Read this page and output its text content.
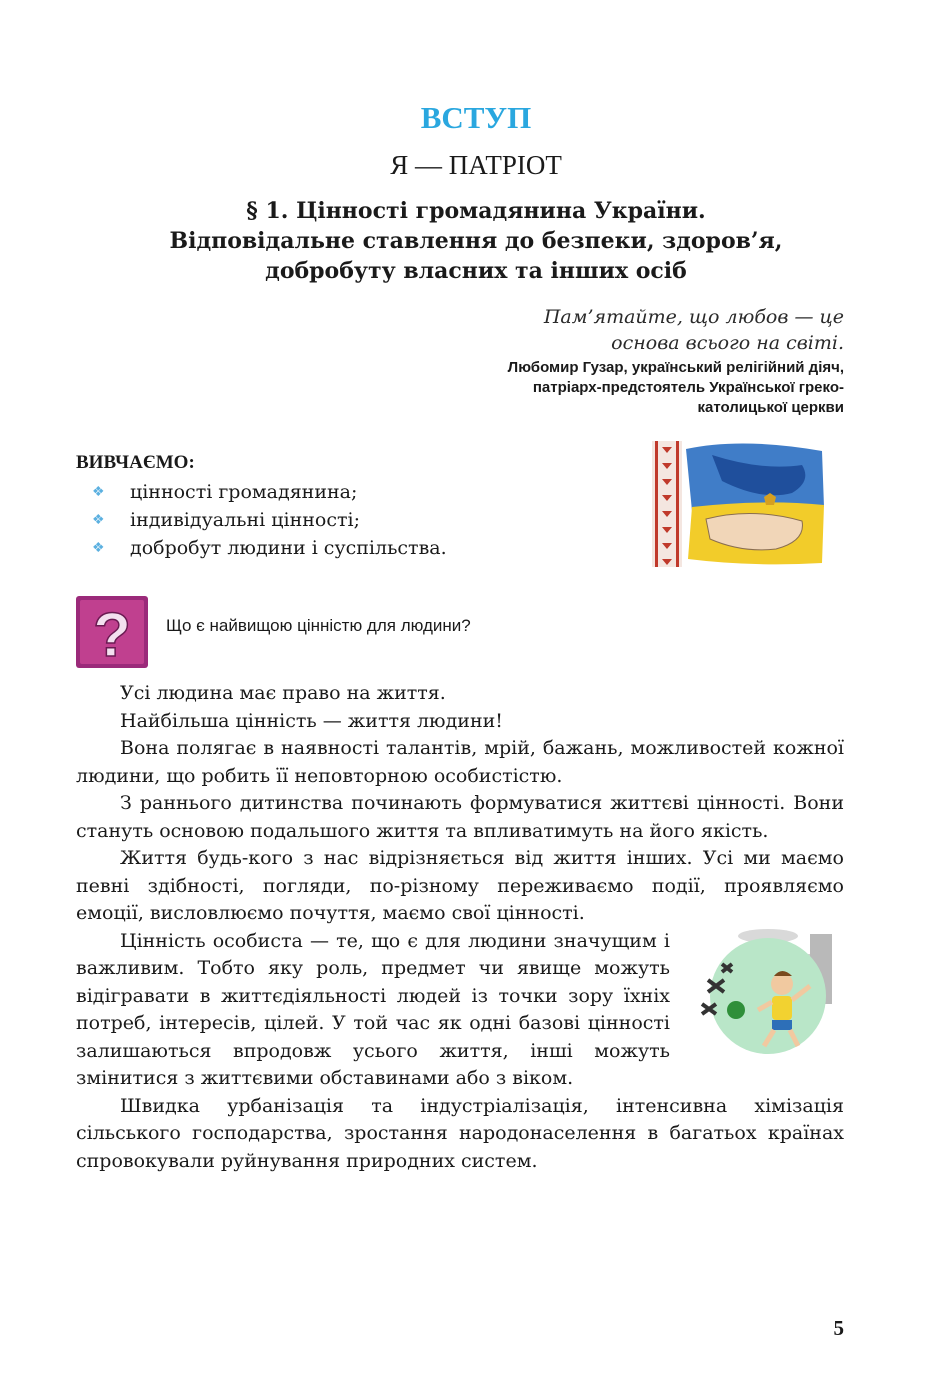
ВСТУП
Я — ПАТРІОТ
§ 1. Цінності громадянина України.
Відповідальне ставлення до безпеки, здоров’я,
добробуту власних та інших осіб
Пам’ятайте, що любов — це
основа всього на світі.
Любомир Гузар, український релігійний діяч,
патріарх-предстоятель Української греко-
католицької церкви
ВИВЧАЄМО:
❖	цінності громадянина;
❖	індивідуальні цінності;
❖	добробут людини і суспільства.
? Що є найвищою цінністю для людини?

Усі людина має право на життя.

Найбільша цінність — життя людини!

Вона полягає в наявності талантів, мрій, бажань, можливостей кожної людини, що робить її неповторною особистістю.

З раннього дитинства починають формуватися життєві цінності. Вони стануть основою подальшого життя та впливатимуть на його якість.

Життя будь-кого з нас відрізняється від життя інших. Усі ми маємо певні здібності, погляди, по-різному переживаємо події, проявляємо емоції, висловлюємо почуття, маємо свої цінності.

Цінність особиста — те, що є для людини значущим і важливим. Тобто яку роль, предмет чи явище можуть відігравати в життєдіяльності людей із точки зору їхніх потреб, інтересів, цілей. У той час як одні базові цінності залишаються впродовж усього життя, інші можуть змінитися з життєвими обставинами або з віком.

Швидка урбанізація та індустріалізація, інтенсивна хімізація сільського господарства, зростання народонаселення в багатьох країнах спровокували руйнування природних систем.

5
